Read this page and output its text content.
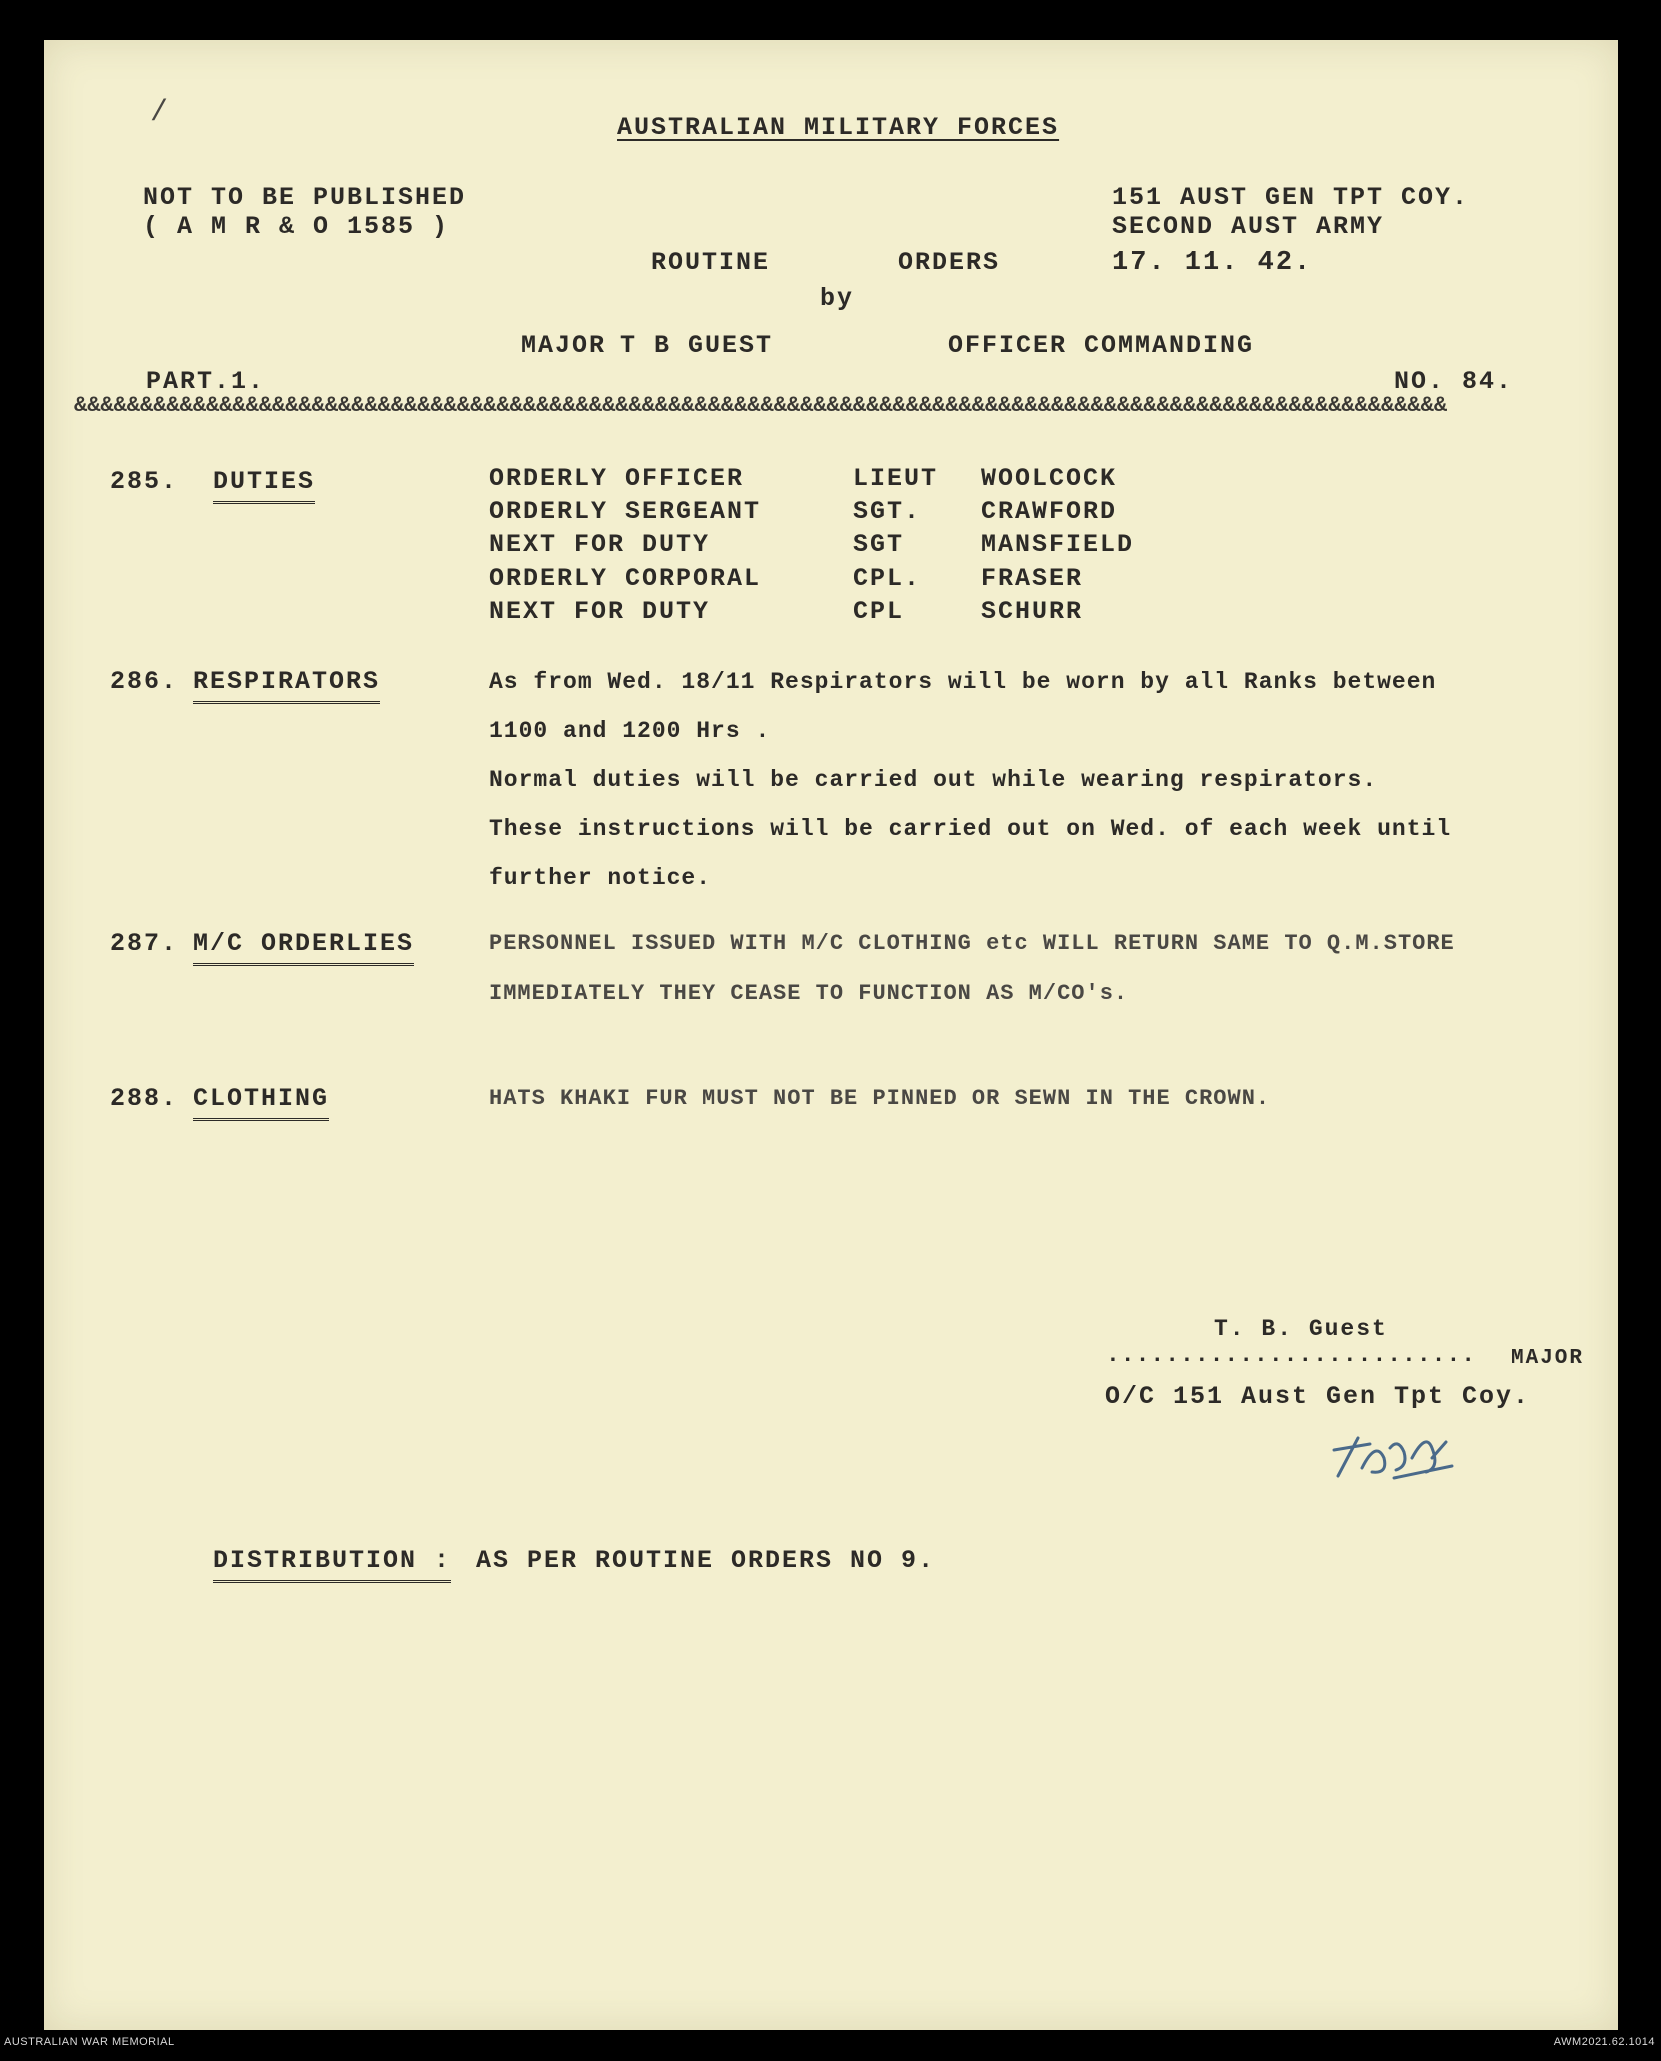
/	AUSTRALIAN MILITARY FORCES
NOT TO BE PUBLISHED
( A M R & O 1585 )
151 AUST GEN TPT COY.
SECOND AUST ARMY
17. 11. 42.
ROUTINE	ORDERS
by
MAJOR T B GUEST	OFFICER COMMANDING
PART.1.	NO. 84.
&&&&&&&&&&&&&&&&&&&&&&&&&&&&&&&&&&&&&&&&&&&&&&&&&&&&&&&&&&&&&&&&&&&&&&&&&&&&&&&&&&&&&&&&&&&&&&&&&&&&&&&&
285. DUTIES	ORDERLY OFFICER	LIEUT WOOLCOCK
ORDERLY SERGEANT	SGT. CRAWFORD
NEXT FOR DUTY	SGT	MANSFIELD
ORDERLY CORPORAL	CPL. FRASER
NEXT FOR DUTY	CPL	SCHURR
286. RESPIRATORS	As from Wed. 18/11 Respirators will be worn by all Ranks between
1100 and 1200 Hrs .
Normal duties will be carried out while wearing respirators.
These instructions will be carried out on Wed. of each week until
further notice.
287. M/C ORDERLIES	PERSONNEL ISSUED WITH M/C CLOTHING etc WILL RETURN SAME TO Q.M.STORE
IMMEDIATELY THEY CEASE TO FUNCTION AS M/CO's.
288. CLOTHING	HATS KHAKI FUR MUST NOT BE PINNED OR SEWN IN THE CROWN.
T. B. Guest
......................... MAJOR
O/C 151 Aust Gen Tpt Coy.
DISTRIBUTION : AS PER ROUTINE ORDERS NO 9.
AUSTRALIAN WAR MEMORIAL	AWM2021.62.1014
